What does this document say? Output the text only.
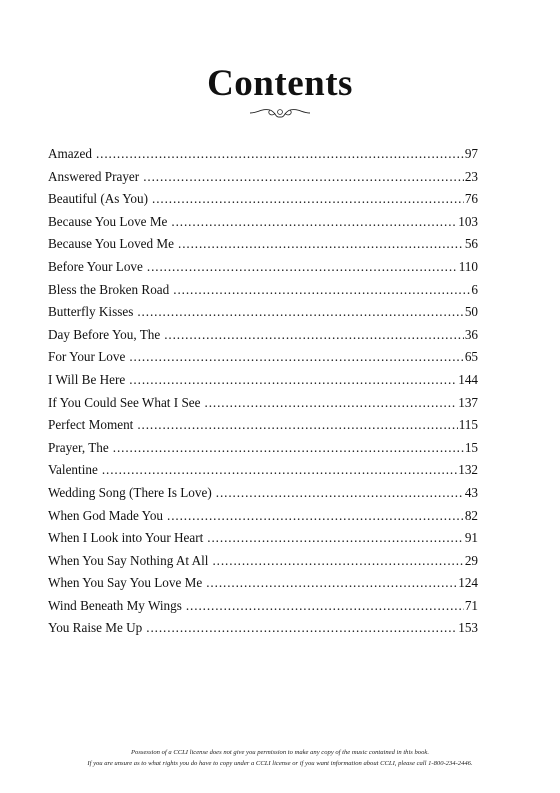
Contents
Amazed . . .	97
Answered Prayer . . .	23
Beautiful (As You) . . .	76
Because You Love Me . . .	103
Because You Loved Me . . .	56
Before Your Love . . .	110
Bless the Broken Road . . .	6
Butterfly Kisses . . .	50
Day Before You, The . . .	36
For Your Love . . .	65
I Will Be Here . . .	144
If You Could See What I See . . .	137
Perfect Moment . . .	115
Prayer, The . . .	15
Valentine . . .	132
Wedding Song (There Is Love) . . .	43
When God Made You . . .	82
When I Look into Your Heart . . .	91
When You Say Nothing At All . . .	29
When You Say You Love Me . . .	124
Wind Beneath My Wings . . .	71
You Raise Me Up . . .	153
Possession of a CCLI license does not give you permission to make any copy of the music contained in this book.
If you are unsure as to what rights you do have to copy under a CCLI license or if you want information about CCLI, please call 1-800-234-2446.
